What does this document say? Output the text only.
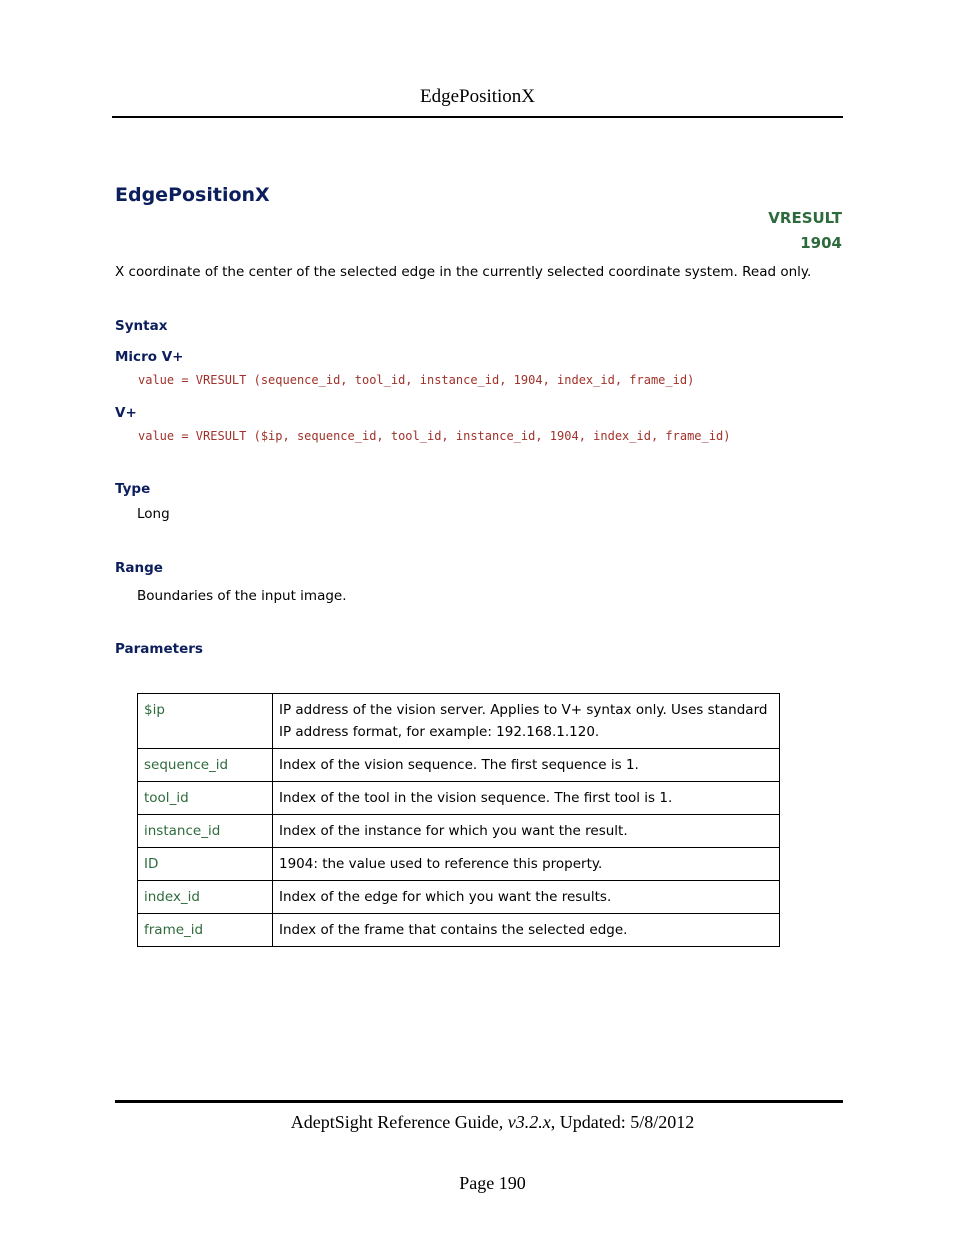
EdgePositionX
EdgePositionX
VRESULT
1904
X coordinate of the center of the selected edge in the currently selected coordinate system. Read only.
Syntax
Micro V+
value = VRESULT (sequence_id, tool_id, instance_id, 1904, index_id, frame_id)
V+
value = VRESULT ($ip, sequence_id, tool_id, instance_id, 1904, index_id, frame_id)
Type
Long
Range
Boundaries of the input image.
Parameters
$ip	IP address of the vision server. Applies to V+ syntax only. Uses standard IP address format, for example: 192.168.1.120.
sequence_id	Index of the vision sequence. The first sequence is 1.
tool_id	Index of the tool in the vision sequence. The first tool is 1.
instance_id	Index of the instance for which you want the result.
ID	1904: the value used to reference this property.
index_id	Index of the edge for which you want the results.
frame_id	Index of the frame that contains the selected edge.
AdeptSight Reference Guide, v3.2.x, Updated: 5/8/2012
Page 190
